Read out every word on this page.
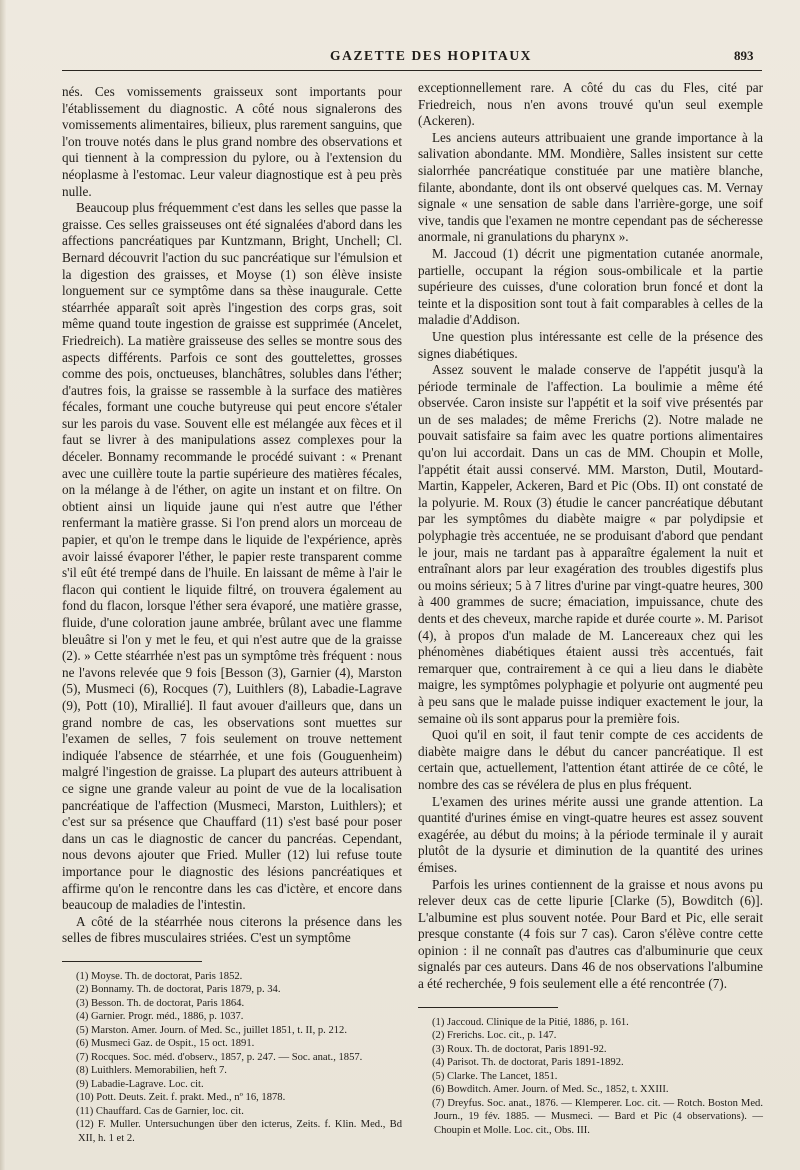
GAZETTE DES HOPITAUX	893

nés. Ces vomissements graisseux sont importants pour l'établissement du diagnostic. A côté nous signalerons des vomissements alimentaires, bilieux, plus rarement sanguins, que l'on trouve notés dans le plus grand nombre des observations et qui tiennent à la compression du pylore, ou à l'extension du néoplasme à l'estomac. Leur valeur diagnostique est à peu près nulle.

Beaucoup plus fréquemment c'est dans les selles que passe la graisse. Ces selles graisseuses ont été signalées d'abord dans les affections pancréatiques par Kuntzmann, Bright, Unchell; Cl. Bernard découvrit l'action du suc pancréatique sur l'émulsion et la digestion des graisses, et Moyse (1) son élève insiste longuement sur ce symptôme dans sa thèse inaugurale. Cette stéarrhée apparaît soit après l'ingestion des corps gras, soit même quand toute ingestion de graisse est supprimée (Ancelet, Friedreich). La matière graisseuse des selles se montre sous des aspects différents. Parfois ce sont des gouttelettes, grosses comme des pois, onctueuses, blanchâtres, solubles dans l'éther; d'autres fois, la graisse se rassemble à la surface des matières fécales, formant une couche butyreuse qui peut encore s'étaler sur les parois du vase. Souvent elle est mélangée aux fèces et il faut se livrer à des manipulations assez complexes pour la déceler. Bonnamy recommande le procédé suivant : « Prenant avec une cuillère toute la partie supérieure des matières fécales, on la mélange à de l'éther, on agite un instant et on filtre. On obtient ainsi un liquide jaune qui n'est autre que l'éther renfermant la matière grasse. Si l'on prend alors un morceau de papier, et qu'on le trempe dans le liquide de l'expérience, après avoir laissé évaporer l'éther, le papier reste transparent comme s'il eût été trempé dans de l'huile. En laissant de même à l'air le flacon qui contient le liquide filtré, on trouvera également au fond du flacon, lorsque l'éther sera évaporé, une matière grasse, fluide, d'une coloration jaune ambrée, brûlant avec une flamme bleuâtre si l'on y met le feu, et qui n'est autre que de la graisse (2). » Cette stéarrhée n'est pas un symptôme très fréquent : nous ne l'avons relevée que 9 fois [Besson (3), Garnier (4), Marston (5), Musmeci (6), Rocques (7), Luithlers (8), Labadie-Lagrave (9), Pott (10), Mirallié]. Il faut avouer d'ailleurs que, dans un grand nombre de cas, les observations sont muettes sur l'examen de selles, 7 fois seulement on trouve nettement indiquée l'absence de stéarrhée, et une fois (Gouguenheim) malgré l'ingestion de graisse. La plupart des auteurs attribuent à ce signe une grande valeur au point de vue de la localisation pancréatique de l'affection (Musmeci, Marston, Luithlers); et c'est sur sa présence que Chauffard (11) s'est basé pour poser dans un cas le diagnostic de cancer du pancréas. Cependant, nous devons ajouter que Fried. Muller (12) lui refuse toute importance pour le diagnostic des lésions pancréatiques et affirme qu'on le rencontre dans les cas d'ictère, et encore dans beaucoup de maladies de l'intestin.

A côté de la stéarrhée nous citerons la présence dans les selles de fibres musculaires striées. C'est un symptôme

(1) Moyse. Th. de doctorat, Paris 1852.

(2) Bonnamy. Th. de doctorat, Paris 1879, p. 34.

(3) Besson. Th. de doctorat, Paris 1864.

(4) Garnier. Progr. méd., 1886, p. 1037.

(5) Marston. Amer. Journ. of Med. Sc., juillet 1851, t. II, p. 212.

(6) Musmeci Gaz. de Ospit., 15 oct. 1891.

(7) Rocques. Soc. méd. d'observ., 1857, p. 247. — Soc. anat., 1857.

(8) Luithlers. Memorabilien, heft 7.

(9) Labadie-Lagrave. Loc. cit.

(10) Pott. Deuts. Zeit. f. prakt. Med., nº 16, 1878.

(11) Chauffard. Cas de Garnier, loc. cit.

(12) F. Muller. Untersuchungen über den icterus, Zeits. f. Klin. Med., Bd XII, h. 1 et 2.

exceptionnellement rare. A côté du cas du Fles, cité par Friedreich, nous n'en avons trouvé qu'un seul exemple (Ackeren).

Les anciens auteurs attribuaient une grande importance à la salivation abondante. MM. Mondière, Salles insistent sur cette sialorrhée pancréatique constituée par une matière blanche, filante, abondante, dont ils ont observé quelques cas. M. Vernay signale « une sensation de sable dans l'arrière-gorge, une soif vive, tandis que l'examen ne montre cependant pas de sécheresse anormale, ni granulations du pharynx ».

M. Jaccoud (1) décrit une pigmentation cutanée anormale, partielle, occupant la région sous-ombilicale et la partie supérieure des cuisses, d'une coloration brun foncé et dont la teinte et la disposition sont tout à fait comparables à celles de la maladie d'Addison.

Une question plus intéressante est celle de la présence des signes diabétiques.

Assez souvent le malade conserve de l'appétit jusqu'à la période terminale de l'affection. La boulimie a même été observée. Caron insiste sur l'appétit et la soif vive présentés par un de ses malades; de même Frerichs (2). Notre malade ne pouvait satisfaire sa faim avec les quatre portions alimentaires qu'on lui accordait. Dans un cas de MM. Choupin et Molle, l'appétit était aussi conservé. MM. Marston, Dutil, Moutard-Martin, Kappeler, Ackeren, Bard et Pic (Obs. II) ont constaté de la polyurie. M. Roux (3) étudie le cancer pancréatique débutant par les symptômes du diabète maigre « par polydipsie et polyphagie très accentuée, ne se produisant d'abord que pendant le jour, mais ne tardant pas à apparaître également la nuit et entraînant alors par leur exagération des troubles digestifs plus ou moins sérieux; 5 à 7 litres d'urine par vingt-quatre heures, 300 à 400 grammes de sucre; émaciation, impuissance, chute des dents et des cheveux, marche rapide et durée courte ». M. Parisot (4), à propos d'un malade de M. Lancereaux chez qui les phénomènes diabétiques étaient aussi très accentués, fait remarquer que, contrairement à ce qui a lieu dans le diabète maigre, les symptômes polyphagie et polyurie ont augmenté peu à peu sans que le malade puisse indiquer exactement le jour, la semaine où ils sont apparus pour la première fois.

Quoi qu'il en soit, il faut tenir compte de ces accidents de diabète maigre dans le début du cancer pancréatique. Il est certain que, actuellement, l'attention étant attirée de ce côté, le nombre des cas se révélera de plus en plus fréquent.

L'examen des urines mérite aussi une grande attention. La quantité d'urines émise en vingt-quatre heures est assez souvent exagérée, au début du moins; à la période terminale il y aurait plutôt de la dysurie et diminution de la quantité des urines émises.

Parfois les urines contiennent de la graisse et nous avons pu relever deux cas de cette lipurie [Clarke (5), Bowditch (6)]. L'albumine est plus souvent notée. Pour Bard et Pic, elle serait presque constante (4 fois sur 7 cas). Caron s'élève contre cette opinion : il ne connaît pas d'autres cas d'albuminurie que ceux signalés par ces auteurs. Dans 46 de nos observations l'albumine a été recherchée, 9 fois seulement elle a été rencontrée (7).

(1) Jaccoud. Clinique de la Pitié, 1886, p. 161.

(2) Frerichs. Loc. cit., p. 147.

(3) Roux. Th. de doctorat, Paris 1891-92.

(4) Parisot. Th. de doctorat, Paris 1891-1892.

(5) Clarke. The Lancet, 1851.

(6) Bowditch. Amer. Journ. of Med. Sc., 1852, t. XXIII.

(7) Dreyfus. Soc. anat., 1876. — Klemperer. Loc. cit. — Rotch. Boston Med. Journ., 19 fév. 1885. — Musmeci. — Bard et Pic (4 observations). — Choupin et Molle. Loc. cit., Obs. III.
